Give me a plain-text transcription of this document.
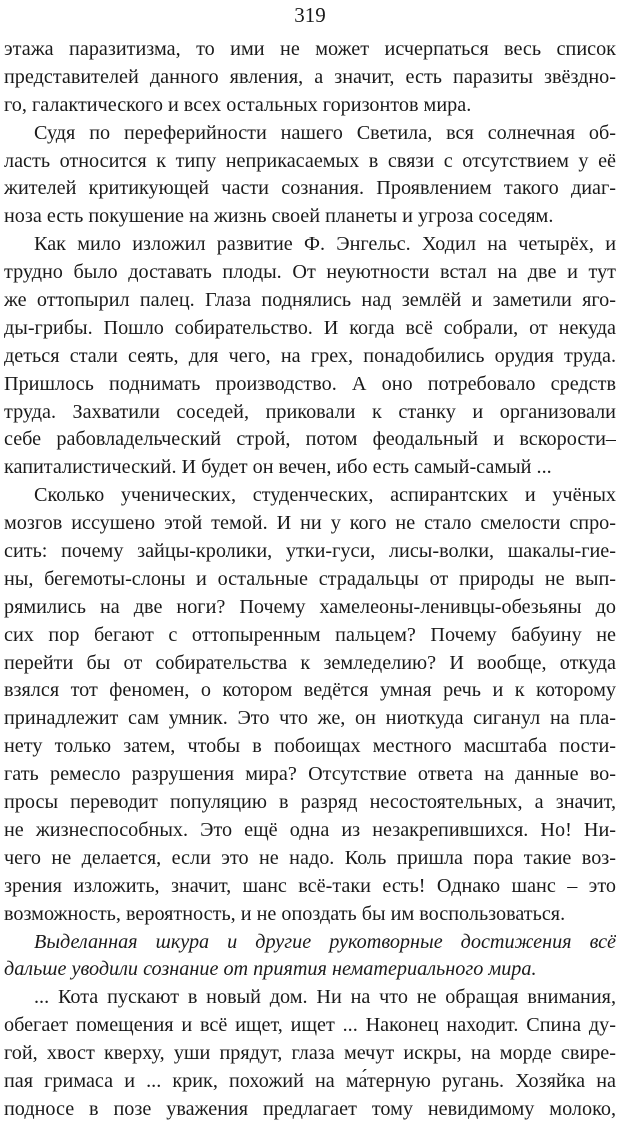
319
этажа паразитизма, то ими не может исчерпаться весь список
представителей данного явления, а значит, есть паразиты звёздно-
го, галактического и всех остальных горизонтов мира.
Судя по переферийности нашего Светила, вся солнечная об-
ласть относится к типу неприкасаемых в связи с отсутствием у её
жителей критикующей части сознания. Проявлением такого диаг-
ноза есть покушение на жизнь своей планеты и угроза соседям.
Как мило изложил развитие Ф. Энгельс. Ходил на четырёх, и
трудно было доставать плоды. От неуютности встал на две и тут
же оттопырил палец. Глаза поднялись над землёй и заметили яго-
ды-грибы. Пошло собирательство. И когда всё собрали, от некуда
деться стали сеять, для чего, на грех, понадобились орудия труда.
Пришлось поднимать производство. А оно потребовало средств
труда. Захватили соседей, приковали к станку и организовали
себе рабовладельческий строй, потом феодальный и вскорости–
капиталистический. И будет он вечен, ибо есть самый-самый ...
Сколько ученических, студенческих, аспирантских и учёных
мозгов иссушено этой темой. И ни у кого не стало смелости спро-
сить: почему зайцы-кролики, утки-гуси, лисы-волки, шакалы-гие-
ны, бегемоты-слоны и остальные страдальцы от природы не вып-
рямились на две ноги? Почему хамелеоны-ленивцы-обезьяны до
сих пор бегают с оттопыренным пальцем? Почему бабуину не
перейти бы от собирательства к земледелию? И вообще, откуда
взялся тот феномен, о котором ведётся умная речь и к которому
принадлежит сам умник. Это что же, он ниоткуда сиганул на пла-
нету только затем, чтобы в побоищах местного масштаба пости-
гать ремесло разрушения мира? Отсутствие ответа на данные во-
просы переводит популяцию в разряд несостоятельных, а значит,
не жизнеспособных. Это ещё одна из незакрепившихся. Но! Ни-
чего не делается, если это не надо. Коль пришла пора такие воз-
зрения изложить, значит, шанс всё-таки есть! Однако шанс – это
возможность, вероятность, и не опоздать бы им воспользоваться.
Выделанная шкура и другие рукотворные достижения всё
дальше уводили сознание от приятия нематериального мира.
... Кота пускают в новый дом. Ни на что не обращая внимания,
обегает помещения и всё ищет, ищет ... Наконец находит. Спина ду-
гой, хвост кверху, уши прядут, глаза мечут искры, на морде свире-
пая гримаса и ... крик, похожий на ма́терную ругань. Хозяйка на
подносе в позе уважения предлагает тому невидимому молоко,
